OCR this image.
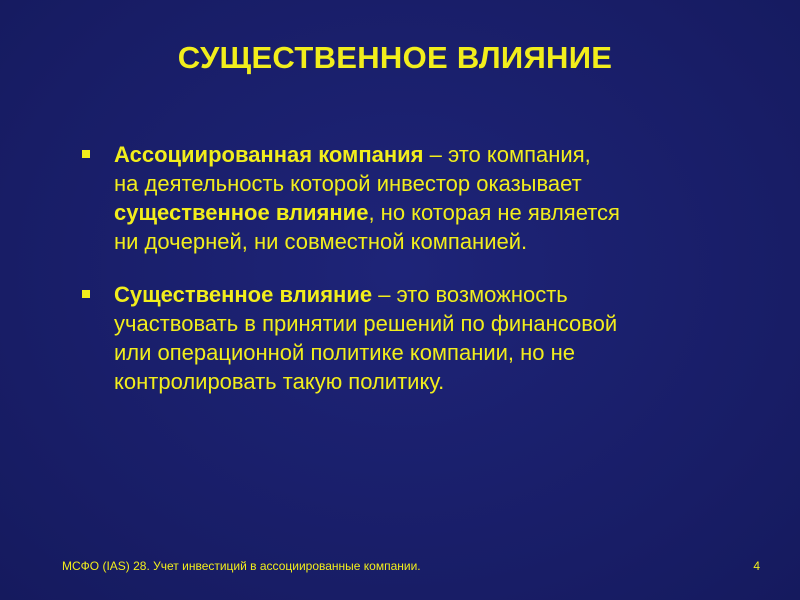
СУЩЕСТВЕННОЕ ВЛИЯНИЕ
Ассоциированная компания – это компания,
на деятельность которой инвестор оказывает
существенное влияние, но которая не является
ни дочерней, ни совместной компанией.
Существенное влияние – это возможность
участвовать в принятии решений по финансовой
или операционной политике компании, но не
контролировать такую политику.
МСФО (IAS) 28. Учет инвестиций в ассоциированные компании.	4
